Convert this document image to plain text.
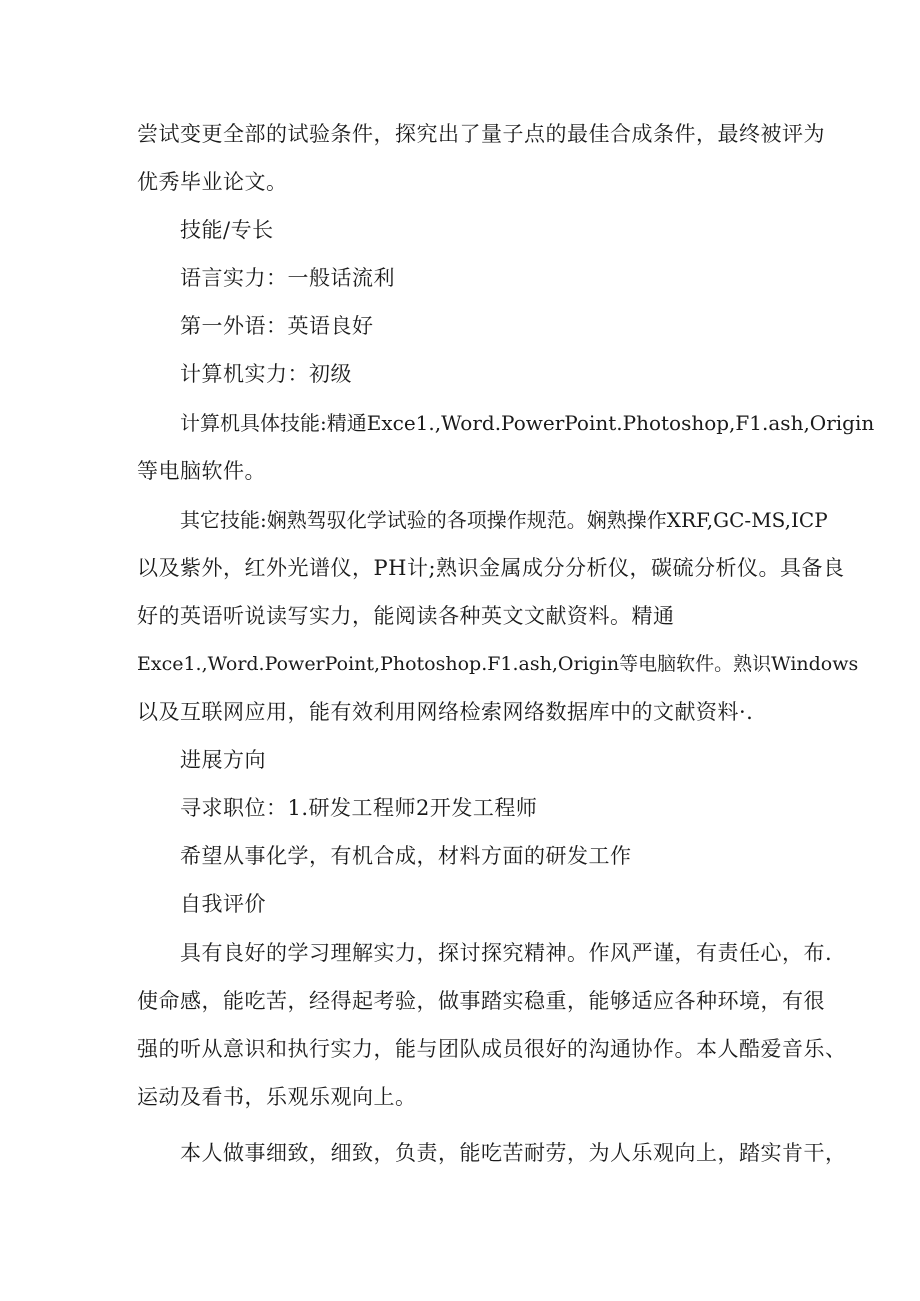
尝试变更全部的试验条件，探究出了量子点的最佳合成条件，最终被评为
优秀毕业论文。
技能/专长
语言实力：一般话流利
第一外语：英语良好
计算机实力：初级
计算机具体技能:精通Exce1.,Word.PowerPoint.Photoshop,F1.ash,Origin
等电脑软件。
其它技能:娴熟驾驭化学试验的各项操作规范。娴熟操作XRF,GC-MS,ICP
以及紫外，红外光谱仪，PH计;熟识金属成分分析仪，碳硫分析仪。具备良
好的英语听说读写实力，能阅读各种英文文献资料。精通
Exce1.,Word.PowerPoint,Photoshop.F1.ash,Origin等电脑软件。熟识Windows
以及互联网应用，能有效利用网络检索网络数据库中的文献资料·.
进展方向
寻求职位：1.研发工程师2开发工程师
希望从事化学，有机合成，材料方面的研发工作
自我评价
具有良好的学习理解实力，探讨探究精神。作风严谨，有责任心，布.
使命感，能吃苦，经得起考验，做事踏实稳重，能够适应各种环境，有很
强的听从意识和执行实力，能与团队成员很好的沟通协作。本人酷爱音乐、
运动及看书，乐观乐观向上。
本人做事细致，细致，负责，能吃苦耐劳，为人乐观向上，踏实肯干，
